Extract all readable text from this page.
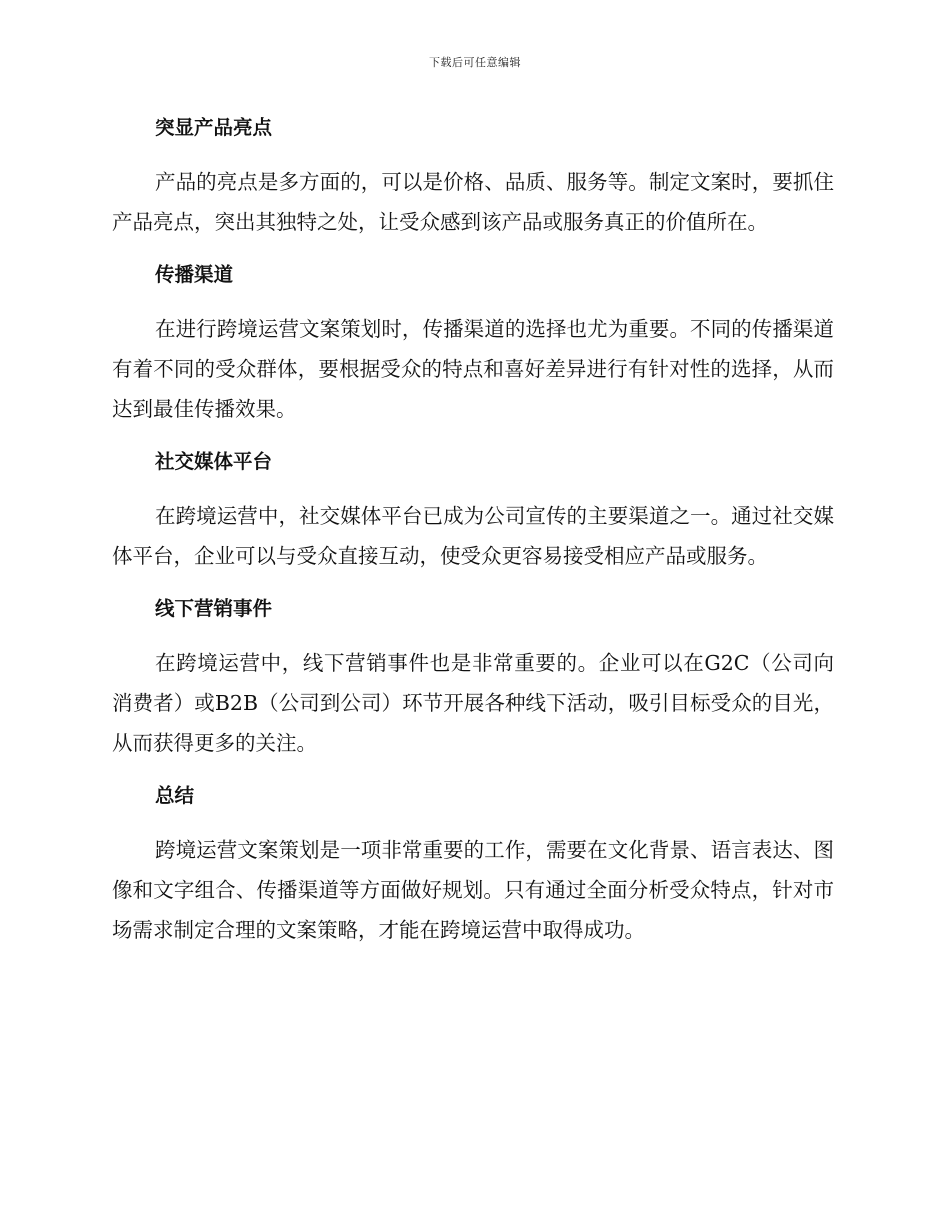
下载后可任意编辑
突显产品亮点

产品的亮点是多方面的，可以是价格、品质、服务等。制定文案时，要抓住产品亮点，突出其独特之处，让受众感到该产品或服务真正的价值所在。

传播渠道

在进行跨境运营文案策划时，传播渠道的选择也尤为重要。不同的传播渠道有着不同的受众群体，要根据受众的特点和喜好差异进行有针对性的选择，从而达到最佳传播效果。

社交媒体平台

在跨境运营中，社交媒体平台已成为公司宣传的主要渠道之一。通过社交媒体平台，企业可以与受众直接互动，使受众更容易接受相应产品或服务。

线下营销事件

在跨境运营中，线下营销事件也是非常重要的。企业可以在G2C（公司向消费者）或B2B（公司到公司）环节开展各种线下活动，吸引目标受众的目光，从而获得更多的关注。

总结

跨境运营文案策划是一项非常重要的工作，需要在文化背景、语言表达、图像和文字组合、传播渠道等方面做好规划。只有通过全面分析受众特点，针对市场需求制定合理的文案策略，才能在跨境运营中取得成功。
